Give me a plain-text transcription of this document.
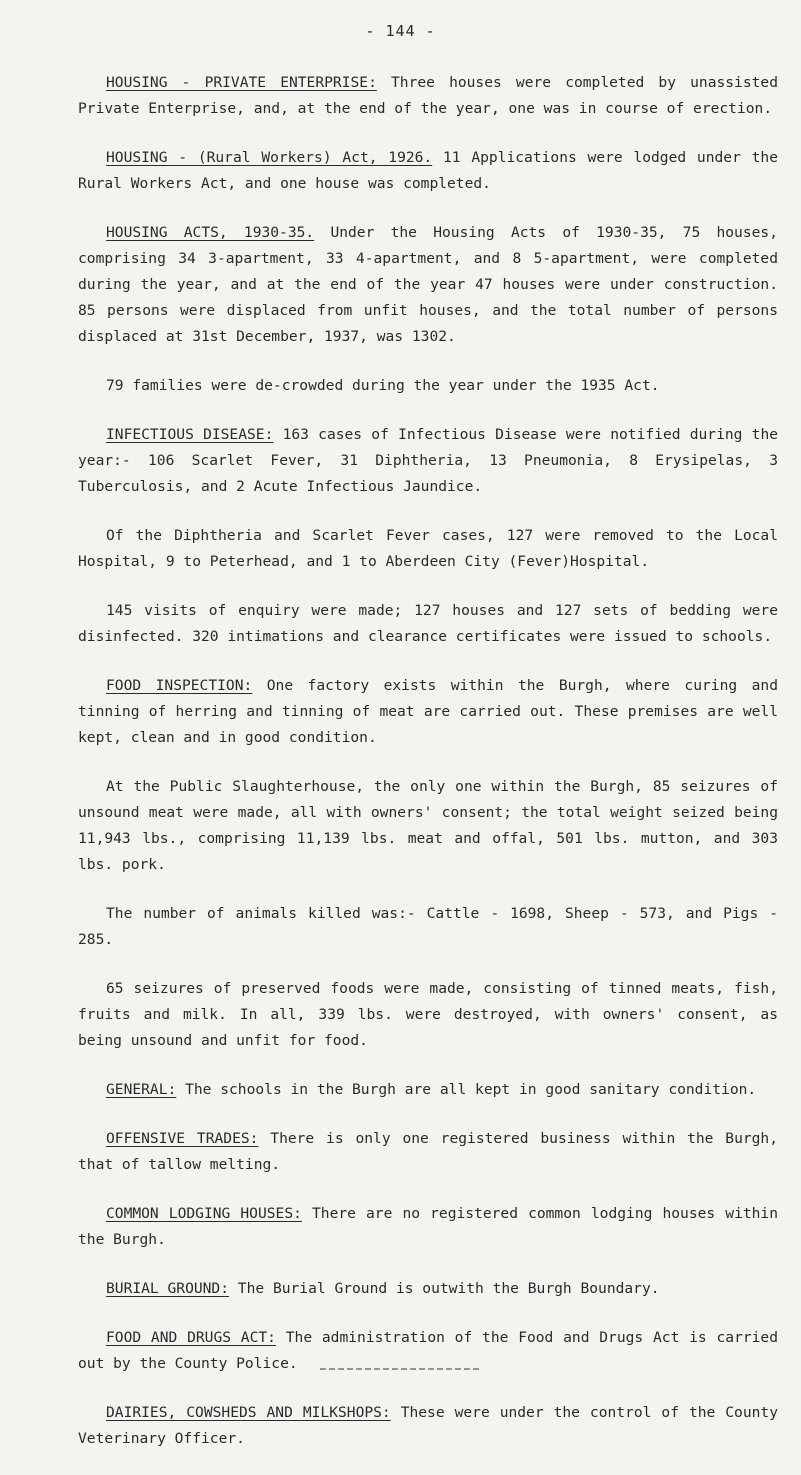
- 144 -

HOUSING - PRIVATE ENTERPRISE: Three houses were completed by unassisted Private Enterprise, and, at the end of the year, one was in course of erection.

HOUSING - (Rural Workers) Act, 1926. 11 Applications were lodged under the Rural Workers Act, and one house was completed.

HOUSING ACTS, 1930-35. Under the Housing Acts of 1930-35, 75 houses, comprising 34 3-apartment, 33 4-apartment, and 8 5-apartment, were completed during the year, and at the end of the year 47 houses were under construction. 85 persons were displaced from unfit houses, and the total number of persons displaced at 31st December, 1937, was 1302.

79 families were de-crowded during the year under the 1935 Act.

INFECTIOUS DISEASE: 163 cases of Infectious Disease were notified during the year:- 106 Scarlet Fever, 31 Diphtheria, 13 Pneumonia, 8 Erysipelas, 3 Tuberculosis, and 2 Acute Infectious Jaundice.

Of the Diphtheria and Scarlet Fever cases, 127 were removed to the Local Hospital, 9 to Peterhead, and 1 to Aberdeen City (Fever)Hospital.

145 visits of enquiry were made; 127 houses and 127 sets of bedding were disinfected. 320 intimations and clearance certificates were issued to schools.

FOOD INSPECTION: One factory exists within the Burgh, where curing and tinning of herring and tinning of meat are carried out. These premises are well kept, clean and in good condition.

At the Public Slaughterhouse, the only one within the Burgh, 85 seizures of unsound meat were made, all with owners' consent; the total weight seized being 11,943 lbs., comprising 11,139 lbs. meat and offal, 501 lbs. mutton, and 303 lbs. pork.

The number of animals killed was:- Cattle - 1698, Sheep - 573, and Pigs - 285.

65 seizures of preserved foods were made, consisting of tinned meats, fish, fruits and milk. In all, 339 lbs. were destroyed, with owners' consent, as being unsound and unfit for food.

GENERAL: The schools in the Burgh are all kept in good sanitary condition.

OFFENSIVE TRADES: There is only one registered business within the Burgh, that of tallow melting.

COMMON LODGING HOUSES: There are no registered common lodging houses within the Burgh.

BURIAL GROUND: The Burial Ground is outwith the Burgh Boundary.

FOOD AND DRUGS ACT: The administration of the Food and Drugs Act is carried out by the County Police.

DAIRIES, COWSHEDS AND MILKSHOPS: These were under the control of the County Veterinary Officer.
